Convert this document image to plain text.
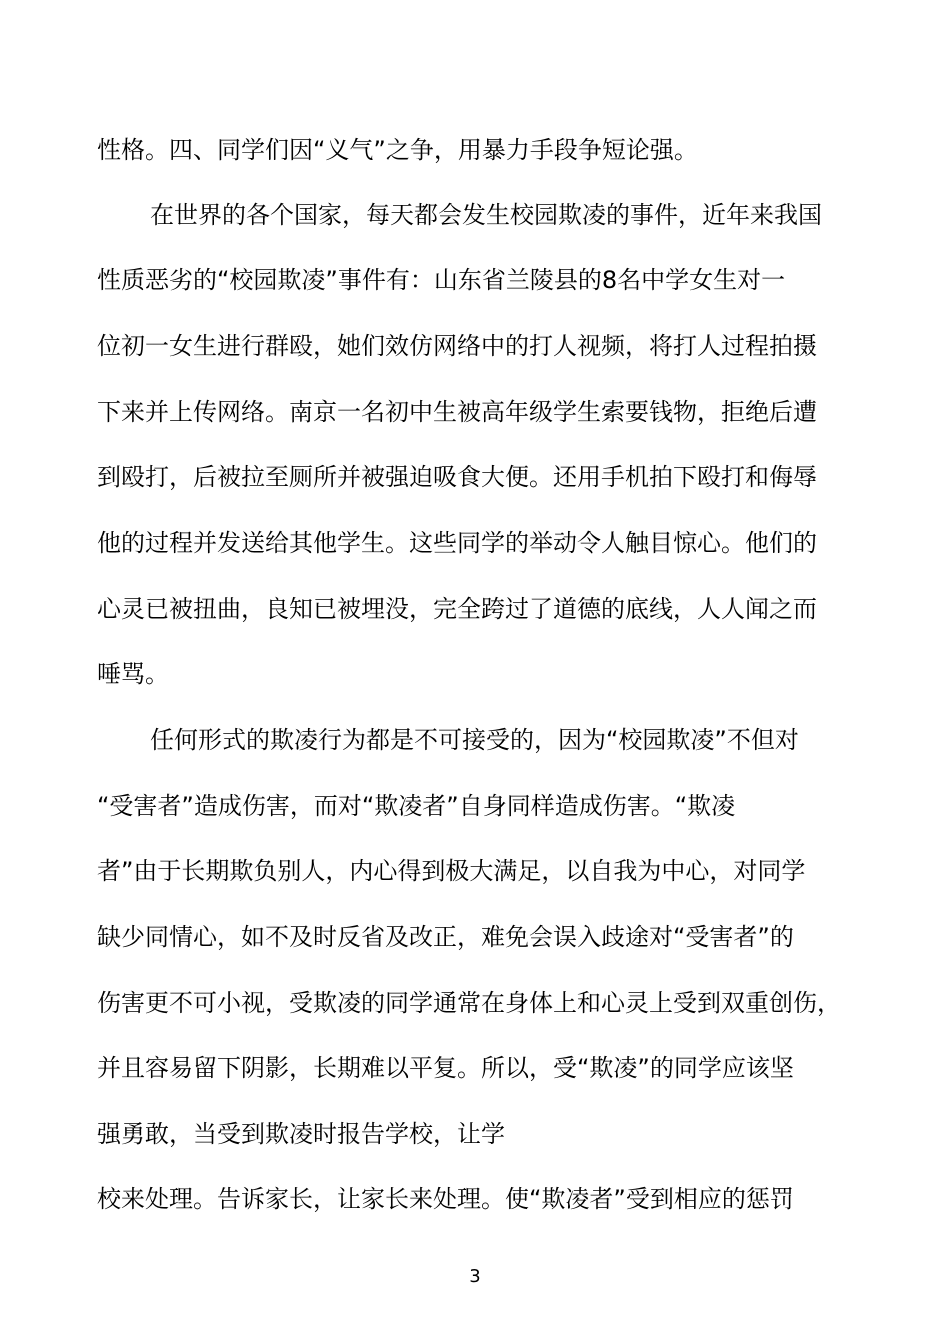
性格。四、同学们因“义气”之争，用暴力手段争短论强。
在世界的各个国家，每天都会发生校园欺凌的事件，近年来我国
性质恶劣的“校园欺凌”事件有：山东省兰陵县的8名中学女生对一
位初一女生进行群殴，她们效仿网络中的打人视频，将打人过程拍摄
下来并上传网络。南京一名初中生被高年级学生索要钱物，拒绝后遭
到殴打，后被拉至厕所并被强迫吸食大便。还用手机拍下殴打和侮辱
他的过程并发送给其他学生。这些同学的举动令人触目惊心。他们的
心灵已被扭曲，良知已被埋没，完全跨过了道德的底线，人人闻之而
唾骂。
任何形式的欺凌行为都是不可接受的，因为“校园欺凌”不但对
“受害者”造成伤害，而对“欺凌者”自身同样造成伤害。“欺凌
者”由于长期欺负别人，内心得到极大满足，以自我为中心，对同学
缺少同情心，如不及时反省及改正，难免会误入歧途对“受害者”的
伤害更不可小视，受欺凌的同学通常在身体上和心灵上受到双重创伤，
并且容易留下阴影，长期难以平复。所以，受“欺凌”的同学应该坚
强勇敢，当受到欺凌时报告学校，让学
校来处理。告诉家长，让家长来处理。使“欺凌者”受到相应的惩罚
3
